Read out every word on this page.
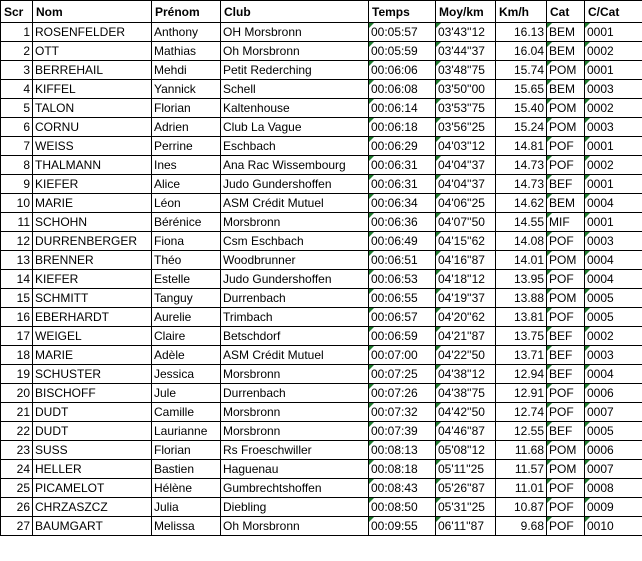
Scr	Nom	Prénom	Club	Temps	Moy/km	Km/h	Cat	C/Cat
1	ROSENFELDER	Anthony	OH Morsbronn	00:05:57	03'43''12	16.13	BEM	0001
2	OTT	Mathias	Oh Morsbronn	00:05:59	03'44''37	16.04	BEM	0002
3	BERREHAIL	Mehdi	Petit Rederching	00:06:06	03'48''75	15.74	POM	0001
4	KIFFEL	Yannick	Schell	00:06:08	03'50''00	15.65	BEM	0003
5	TALON	Florian	Kaltenhouse	00:06:14	03'53''75	15.40	POM	0002
6	CORNU	Adrien	Club La Vague	00:06:18	03'56''25	15.24	POM	0003
7	WEISS	Perrine	Eschbach	00:06:29	04'03''12	14.81	POF	0001
8	THALMANN	Ines	Ana Rac Wissembourg	00:06:31	04'04''37	14.73	POF	0002
9	KIEFER	Alice	Judo Gundershoffen	00:06:31	04'04''37	14.73	BEF	0001
10	MARIE	Léon	ASM Crédit Mutuel	00:06:34	04'06''25	14.62	BEM	0004
11	SCHOHN	Bérénice	Morsbronn	00:06:36	04'07''50	14.55	MIF	0001
12	DURRENBERGER	Fiona	Csm Eschbach	00:06:49	04'15''62	14.08	POF	0003
13	BRENNER	Théo	Woodbrunner	00:06:51	04'16''87	14.01	POM	0004
14	KIEFER	Estelle	Judo Gundershoffen	00:06:53	04'18''12	13.95	POF	0004
15	SCHMITT	Tanguy	Durrenbach	00:06:55	04'19''37	13.88	POM	0005
16	EBERHARDT	Aurelie	Trimbach	00:06:57	04'20''62	13.81	POF	0005
17	WEIGEL	Claire	Betschdorf	00:06:59	04'21''87	13.75	BEF	0002
18	MARIE	Adèle	ASM Crédit Mutuel	00:07:00	04'22''50	13.71	BEF	0003
19	SCHUSTER	Jessica	Morsbronn	00:07:25	04'38''12	12.94	BEF	0004
20	BISCHOFF	Jule	Durrenbach	00:07:26	04'38''75	12.91	POF	0006
21	DUDT	Camille	Morsbronn	00:07:32	04'42''50	12.74	POF	0007
22	DUDT	Laurianne	Morsbronn	00:07:39	04'46''87	12.55	BEF	0005
23	SUSS	Florian	Rs Froeschwiller	00:08:13	05'08''12	11.68	POM	0006
24	HELLER	Bastien	Haguenau	00:08:18	05'11''25	11.57	POM	0007
25	PICAMELOT	Hélène	Gumbrechtshoffen	00:08:43	05'26''87	11.01	POF	0008
26	CHRZASZCZ	Julia	Diebling	00:08:50	05'31''25	10.87	POF	0009
27	BAUMGART	Melissa	Oh Morsbronn	00:09:55	06'11''87	9.68	POF	0010
